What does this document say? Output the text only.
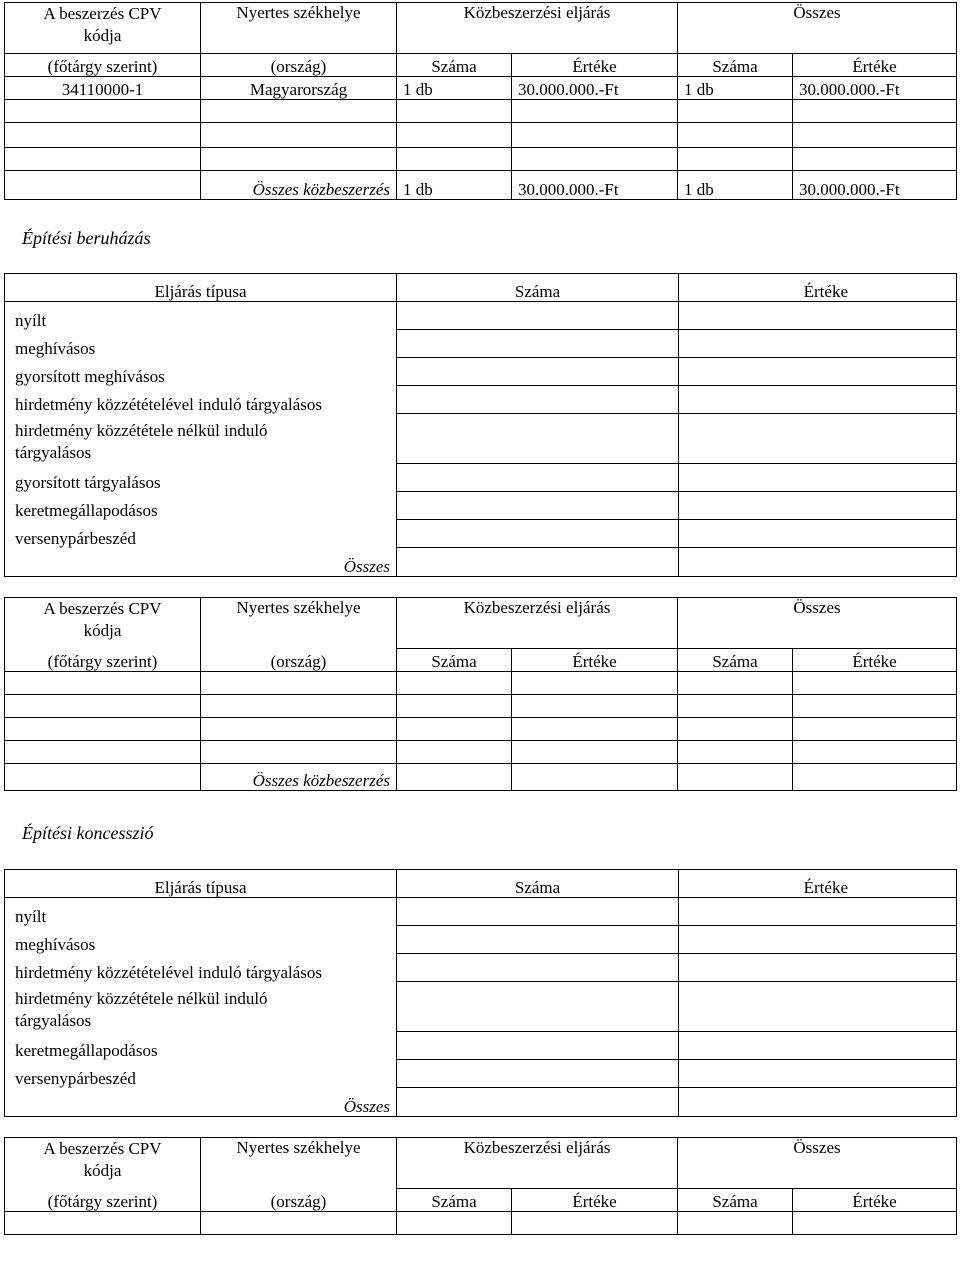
A beszerzés CPV
kódja	Nyertes székhelye	Közbeszerzési eljárás		Összes	

(főtárgy szerint)	(ország)	Száma	Értéke	Száma	Értéke
34110000-1	Magyarország	1 db	30.000.000.-Ft	1 db	30.000.000.-Ft

	Összes közbeszerzés	1 db	30.000.000.-Ft	1 db	30.000.000.-Ft
Építési beruházás
Eljárás típusa	Száma	Értéke
nyílt		
meghívásos		
gyorsított meghívásos		
hirdetmény közzétételével induló tárgyalásos		
hirdetmény közzététele nélkül induló tárgyalásos		
gyorsított tárgyalásos		
keretmegállapodásos		
versenypárbeszéd		
Összes		
A beszerzés CPV
kódja	Nyertes székhelye	Közbeszerzési eljárás		Összes	

(főtárgy szerint)	(ország)	Száma	Értéke	Száma	Értéke

	Összes közbeszerzés				
Építési koncesszió
Eljárás típusa	Száma	Értéke
nyílt		
meghívásos		
hirdetmény közzétételével induló tárgyalásos		
hirdetmény közzététele nélkül induló tárgyalásos		
keretmegállapodásos		
versenypárbeszéd		
Összes		
A beszerzés CPV
kódja	Nyertes székhelye	Közbeszerzési eljárás		Összes	

(főtárgy szerint)	(ország)	Száma	Értéke	Száma	Értéke
